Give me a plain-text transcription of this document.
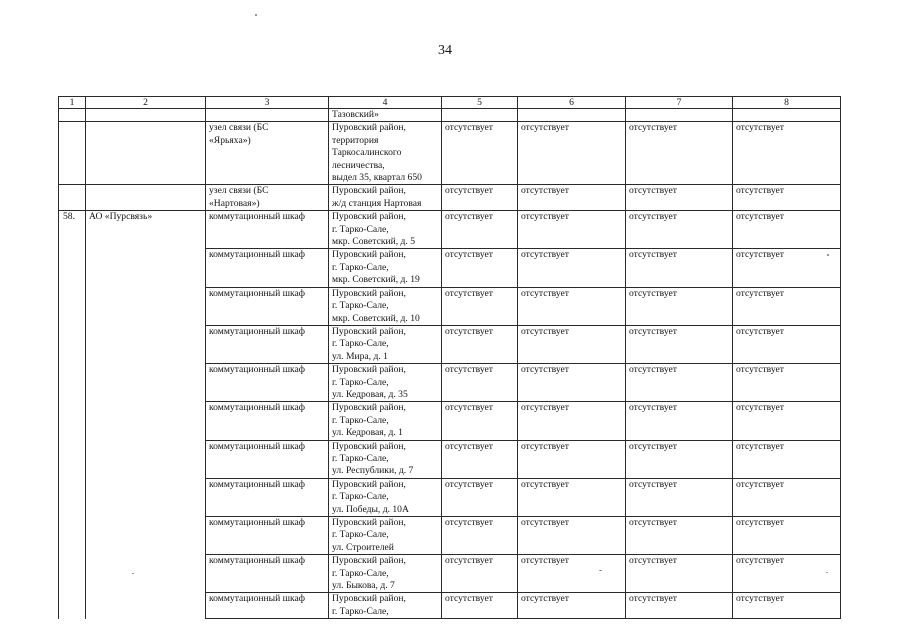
34
1	2	3	4	5	6	7	8
			Тазовский»				

		узел связи (БС
«Ярьяха»)	Пуровский район,
территория
Таркосалинского
лесничества,
выдел 35, квартал 650	отсутствует	отсутствует	отсутствует	отсутствует

		узел связи (БС
«Нартовая»)	Пуровский район,
ж/д станция Нартовая	отсутствует	отсутствует	отсутствует	отсутствует
58.	АО «Пурсвязь»	коммутационный шкаф	Пуровский район,
г. Тарко-Сале,
мкр. Советский, д. 5	отсутствует	отсутствует	отсутствует	отсутствует
		коммутационный шкаф	Пуровский район,
г. Тарко-Сале,
мкр. Советский, д. 19	отсутствует	отсутствует	отсутствует	отсутствует
		коммутационный шкаф	Пуровский район,
г. Тарко-Сале,
мкр. Советский, д. 10	отсутствует	отсутствует	отсутствует	отсутствует
		коммутационный шкаф	Пуровский район,
г. Тарко-Сале,
ул. Мира, д. 1	отсутствует	отсутствует	отсутствует	отсутствует
		коммутационный шкаф	Пуровский район,
г. Тарко-Сале,
ул. Кедровая, д. 35	отсутствует	отсутствует	отсутствует	отсутствует
		коммутационный шкаф	Пуровский район,
г. Тарко-Сале,
ул. Кедровая, д. 1	отсутствует	отсутствует	отсутствует	отсутствует
		коммутационный шкаф	Пуровский район,
г. Тарко-Сале,
ул. Республики, д. 7	отсутствует	отсутствует	отсутствует	отсутствует
		коммутационный шкаф	Пуровский район,
г. Тарко-Сале,
ул. Победы, д. 10А	отсутствует	отсутствует	отсутствует	отсутствует
		коммутационный шкаф	Пуровский район,
г. Тарко-Сале,
ул. Строителей	отсутствует	отсутствует	отсутствует	отсутствует
		коммутационный шкаф	Пуровский район,
г. Тарко-Сале,
ул. Быкова, д. 7	отсутствует	отсутствует	отсутствует	отсутствует
		коммутационный шкаф	Пуровский район,
г. Тарко-Сале,	отсутствует	отсутствует	отсутствует	отсутствует
